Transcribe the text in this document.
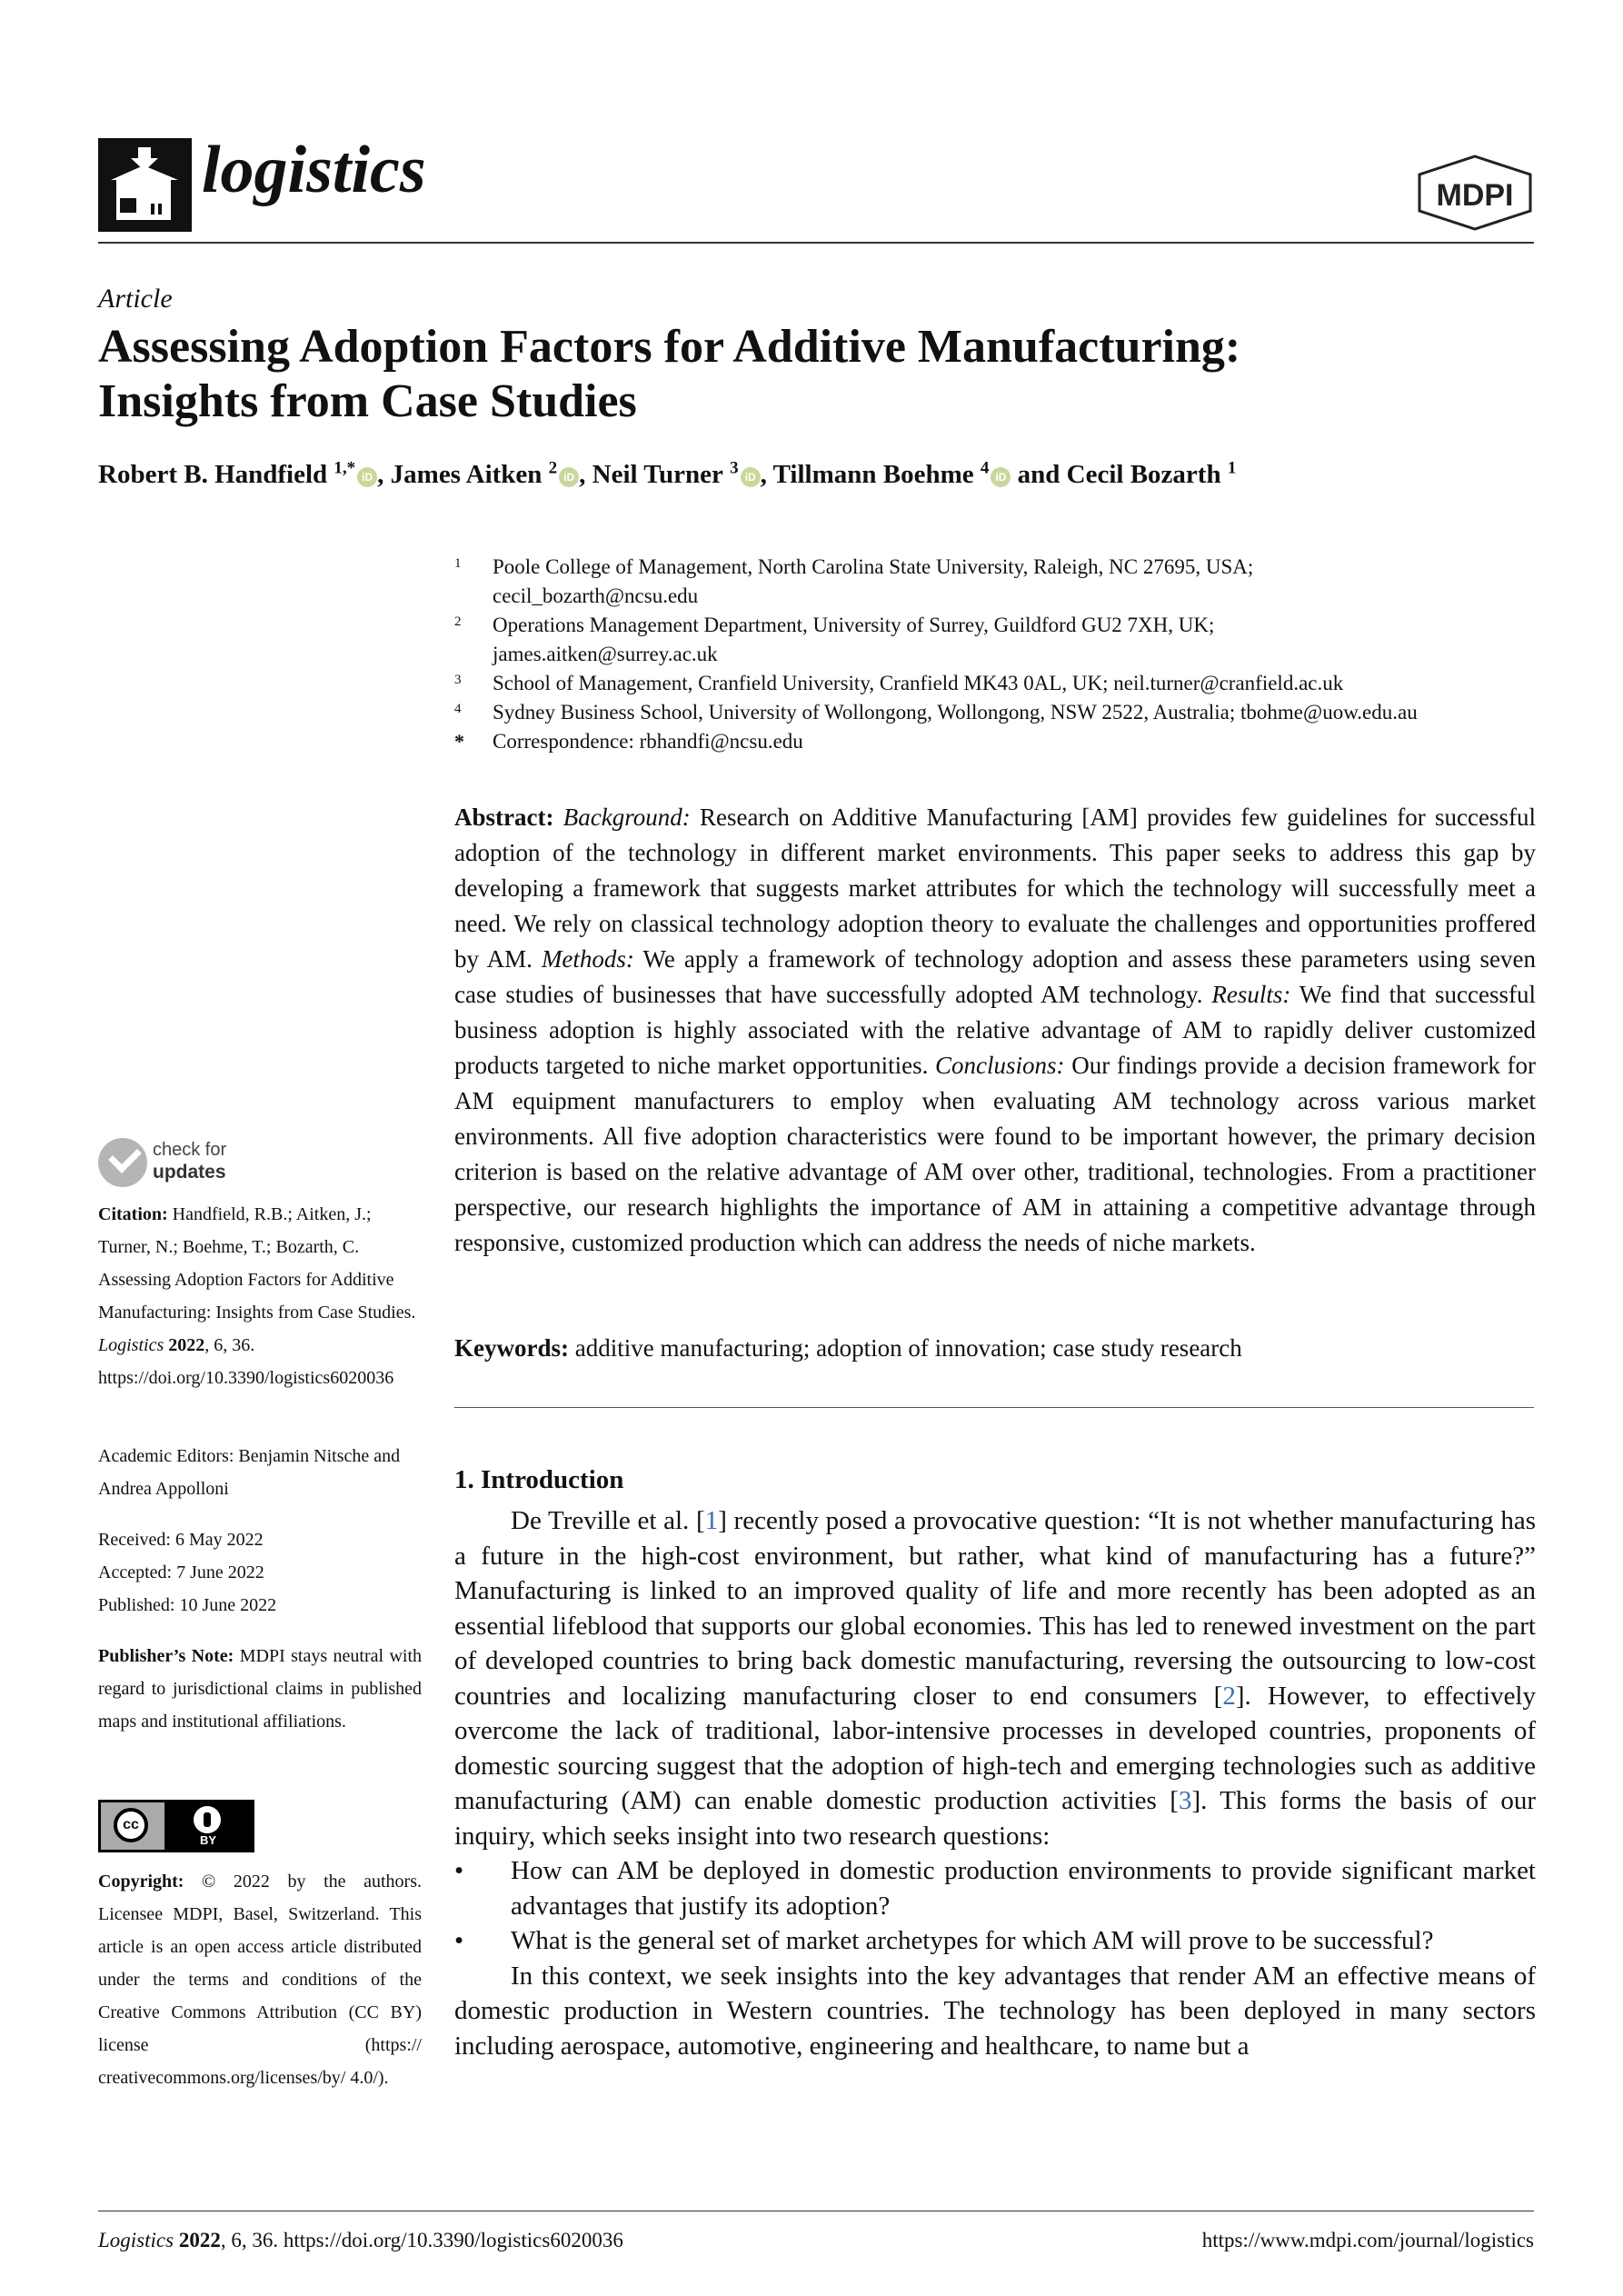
logistics	MDPI
Article
Assessing Adoption Factors for Additive Manufacturing:
Insights from Case Studies
Robert B. Handfield $^{1,*}$ iD , James Aitken $^2$ iD , Neil Turner $^3$ iD , Tillmann Boehme $^4$ iD and Cecil Bozarth $^1$
1 Poole College of Management, North Carolina State University, Raleigh, NC 27695, USA;
cecil_bozarth@ncsu.edu
2 Operations Management Department, University of Surrey, Guildford GU2 7XH, UK;
james.aitken@surrey.ac.uk
3 School of Management, Cranfield University, Cranfield MK43 0AL, UK; neil.turner@cranfield.ac.uk
4 Sydney Business School, University of Wollongong, Wollongong, NSW 2522, Australia; tbohme@uow.edu.au
* Correspondence: rbhandfi@ncsu.edu
Abstract: Background: Research on Additive Manufacturing [AM] provides few guidelines for successful adoption of the technology in different market environments. This paper seeks to address this gap by developing a framework that suggests market attributes for which the technology will successfully meet a need. We rely on classical technology adoption theory to evaluate the challenges and opportunities proffered by AM. Methods: We apply a framework of technology adoption and assess these parameters using seven case studies of businesses that have successfully adopted AM technology. Results: We find that successful business adoption is highly associated with the relative advantage of AM to rapidly deliver customized products targeted to niche market opportunities. Conclusions: Our findings provide a decision framework for AM equipment manufacturers to employ when evaluating AM technology across various market environments. All five adoption characteristics were found to be important however, the primary decision criterion is based on the relative advantage of AM over other, traditional, technologies. From a practitioner perspective, our research highlights the importance of AM in attaining a competitive advantage through responsive, customized production which can address the needs of niche markets.
Keywords: additive manufacturing; adoption of innovation; case study research
1. Introduction

De Treville et al. [1] recently posed a provocative question: “It is not whether manufacturing has a future in the high-cost environment, but rather, what kind of manufacturing has a future?” Manufacturing is linked to an improved quality of life and more recently has been adopted as an essential lifeblood that supports our global economies. This has led to renewed investment on the part of developed countries to bring back domestic manufacturing, reversing the outsourcing to low-cost countries and localizing manufacturing closer to end consumers [2]. However, to effectively overcome the lack of traditional, labor-intensive processes in developed countries, proponents of domestic sourcing suggest that the adoption of high-tech and emerging technologies such as additive manufacturing (AM) can enable domestic production activities [3]. This forms the basis of our inquiry, which seeks insight into two research questions:

• How can AM be deployed in domestic production environments to provide significant market advantages that justify its adoption?
• What is the general set of market archetypes for which AM will prove to be successful?

In this context, we seek insights into the key advantages that render AM an effective means of domestic production in Western countries. The technology has been deployed in many sectors including aerospace, automotive, engineering and healthcare, to name but a

check for
updates
Citation: Handfield, R.B.; Aitken, J.; Turner, N.; Boehme, T.; Bozarth, C. Assessing Adoption Factors for Additive Manufacturing: Insights from Case Studies. Logistics 2022, 6, 36. https://doi.org/10.3390/logistics6020036
Academic Editors: Benjamin Nitsche and Andrea Appolloni
Received: 6 May 2022
Accepted: 7 June 2022
Published: 10 June 2022
Publisher’s Note: MDPI stays neutral with regard to jurisdictional claims in published maps and institutional affiliations.
cc
BY
Copyright: © 2022 by the authors. Licensee MDPI, Basel, Switzerland. This article is an open access article distributed under the terms and conditions of the Creative Commons Attribution (CC BY) license (https:// creativecommons.org/licenses/by/ 4.0/).
Logistics 2022, 6, 36. https://doi.org/10.3390/logistics6020036	https://www.mdpi.com/journal/logistics
